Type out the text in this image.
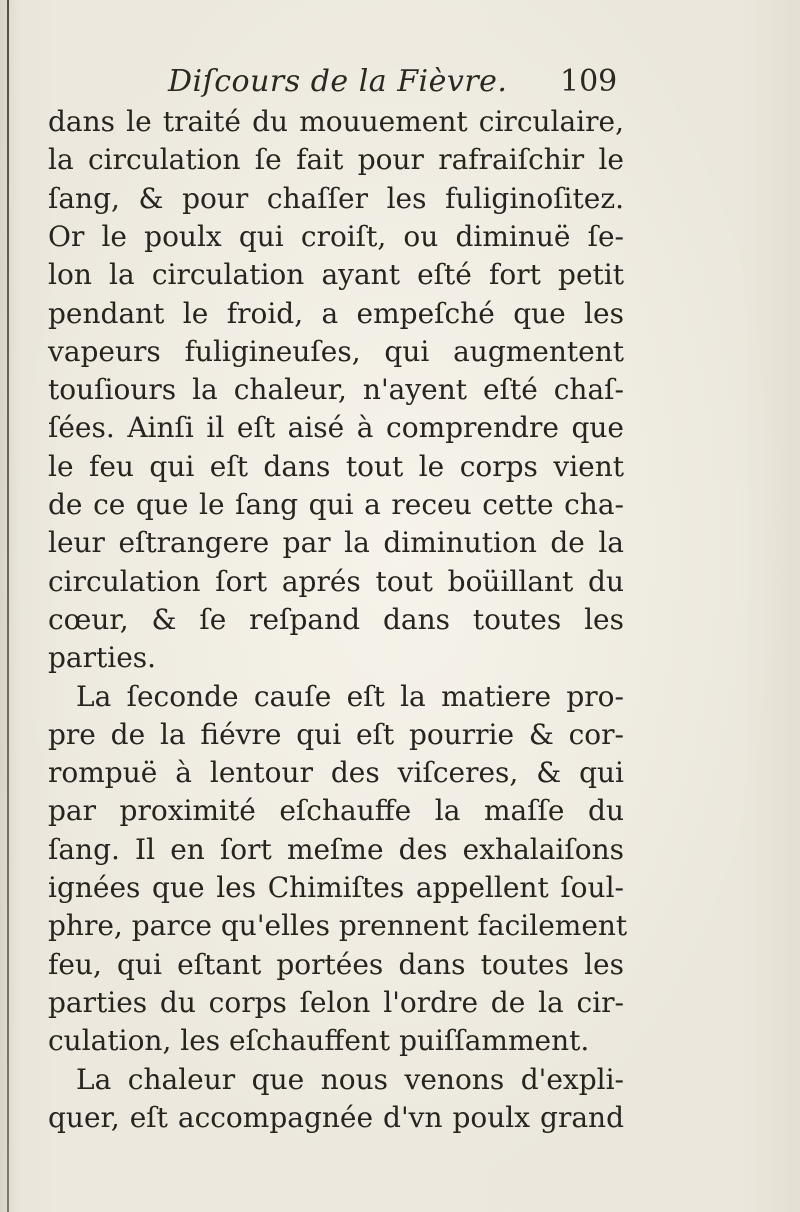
Diſcours de la Fièvre. 109
dans le traité du mouuement circulaire,
la circulation ſe fait pour rafraiſchir le
ſang, & pour chaſſer les fuliginoſitez.
Or le poulx qui croiſt, ou diminuë ſe-
lon la circulation ayant eſté fort petit
pendant le froid, a empeſché que les
vapeurs fuligineuſes, qui augmentent
touſiours la chaleur, n'ayent eſté chaſ-
ſées. Ainſi il eſt aisé à comprendre que
le feu qui eſt dans tout le corps vient
de ce que le ſang qui a receu cette cha-
leur eſtrangere par la diminution de la
circulation ſort aprés tout boüillant du
cœur, & ſe reſpand dans toutes les
parties.
La ſeconde cauſe eſt la matiere pro-
pre de la fiévre qui eſt pourrie & cor-
rompuë à lentour des viſceres, & qui
par proximité eſchauffe la maſſe du
ſang. Il en ſort meſme des exhalaiſons
ignées que les Chimiſtes appellent ſoul-
phre, parce qu'elles prennent facilement
feu, qui eſtant portées dans toutes les
parties du corps ſelon l'ordre de la cir-
culation, les eſchauffent puiſſamment.
La chaleur que nous venons d'expli-
quer, eſt accompagnée d'vn poulx grand
